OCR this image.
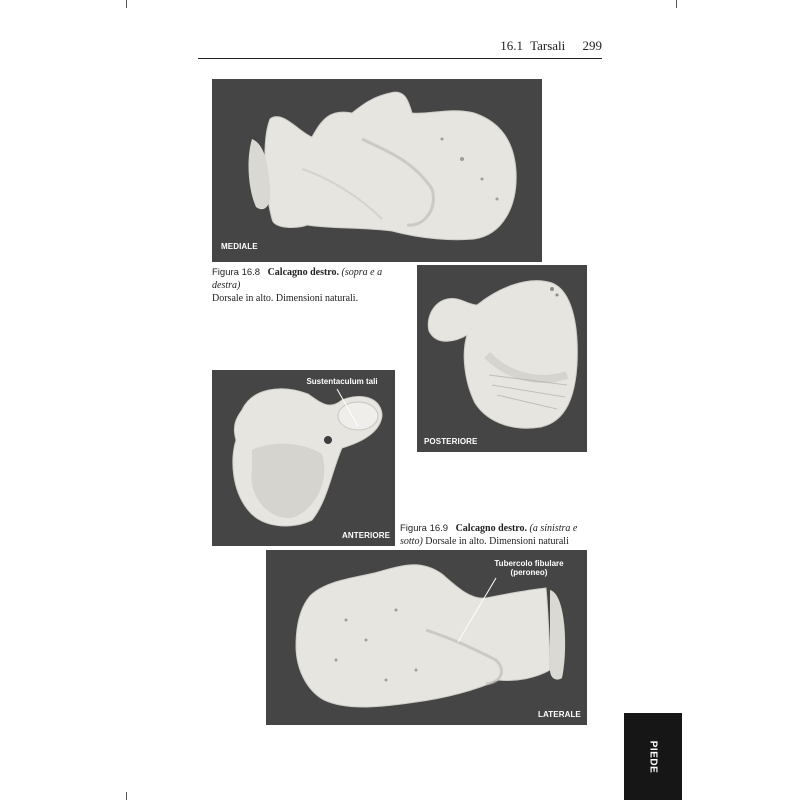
16.1 Tarsali 299
MEDIALE
Figura 16.8 Calcagno destro. (sopra e a destra)
Dorsale in alto. Dimensioni naturali.
POSTERIORE
Sustentaculum tali
ANTERIORE
Figura 16.9 Calcagno destro. (a sinistra e
sotto) Dorsale in alto. Dimensioni naturali
Tubercolo fibulare
(peroneo)
LATERALE
PIEDE
